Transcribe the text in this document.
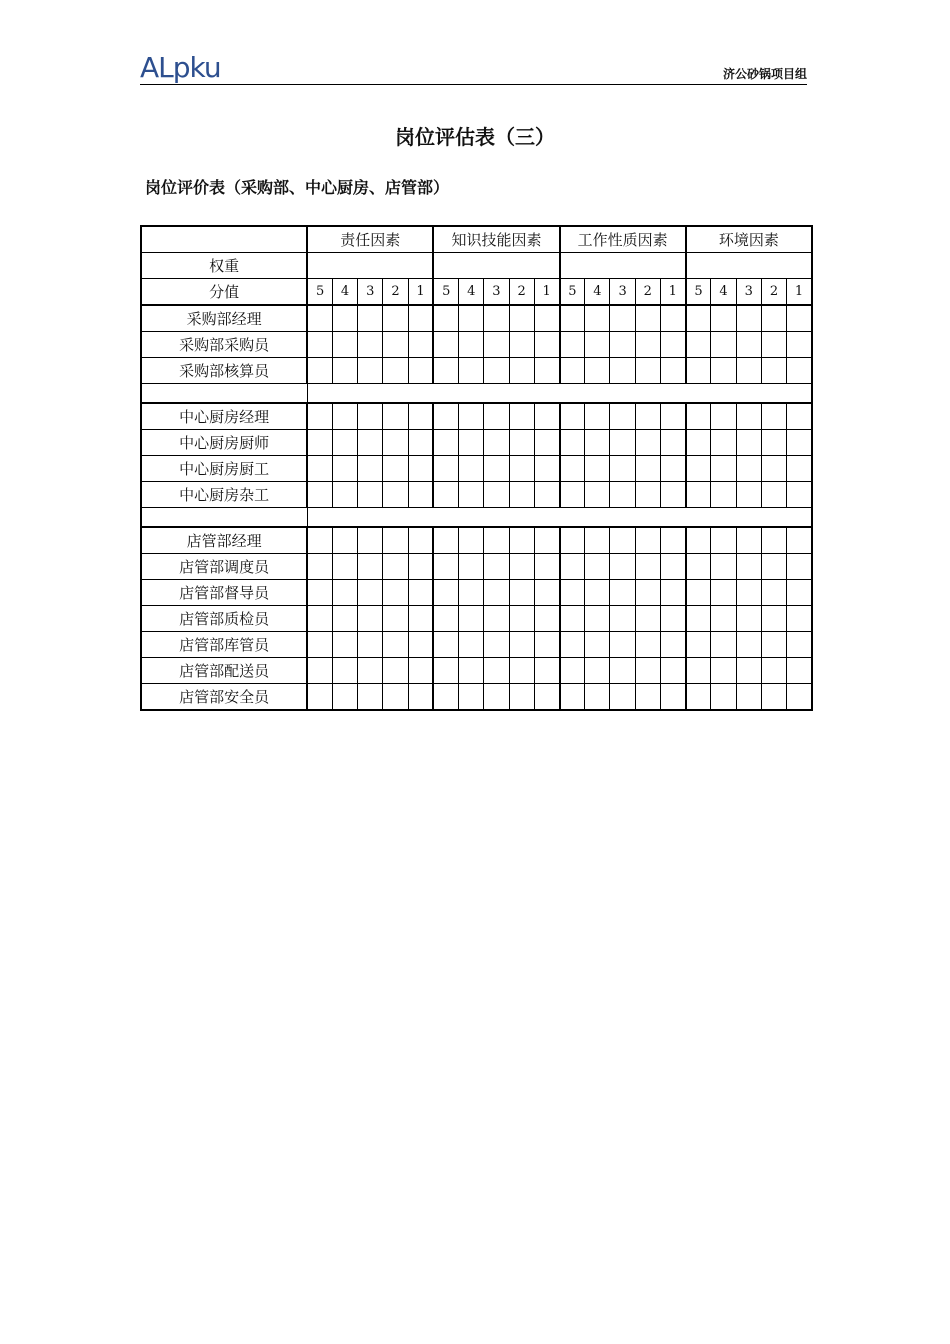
ALpku	济公砂锅项目组
岗位评估表（三）
岗位评价表（采购部、中心厨房、店管部）
	责任因素					知识技能因素					工作性质因素					环境因素				
权重																				
分值	5	4	3	2	1	5	4	3	2	1	5	4	3	2	1	5	4	3	2	1
采购部经理																				
采购部采购员																				
采购部核算员																				

中心厨房经理																				
中心厨房厨师																				
中心厨房厨工																				
中心厨房杂工																				

店管部经理																				
店管部调度员																				
店管部督导员																				
店管部质检员																				
店管部库管员																				
店管部配送员																				
店管部安全员																				
